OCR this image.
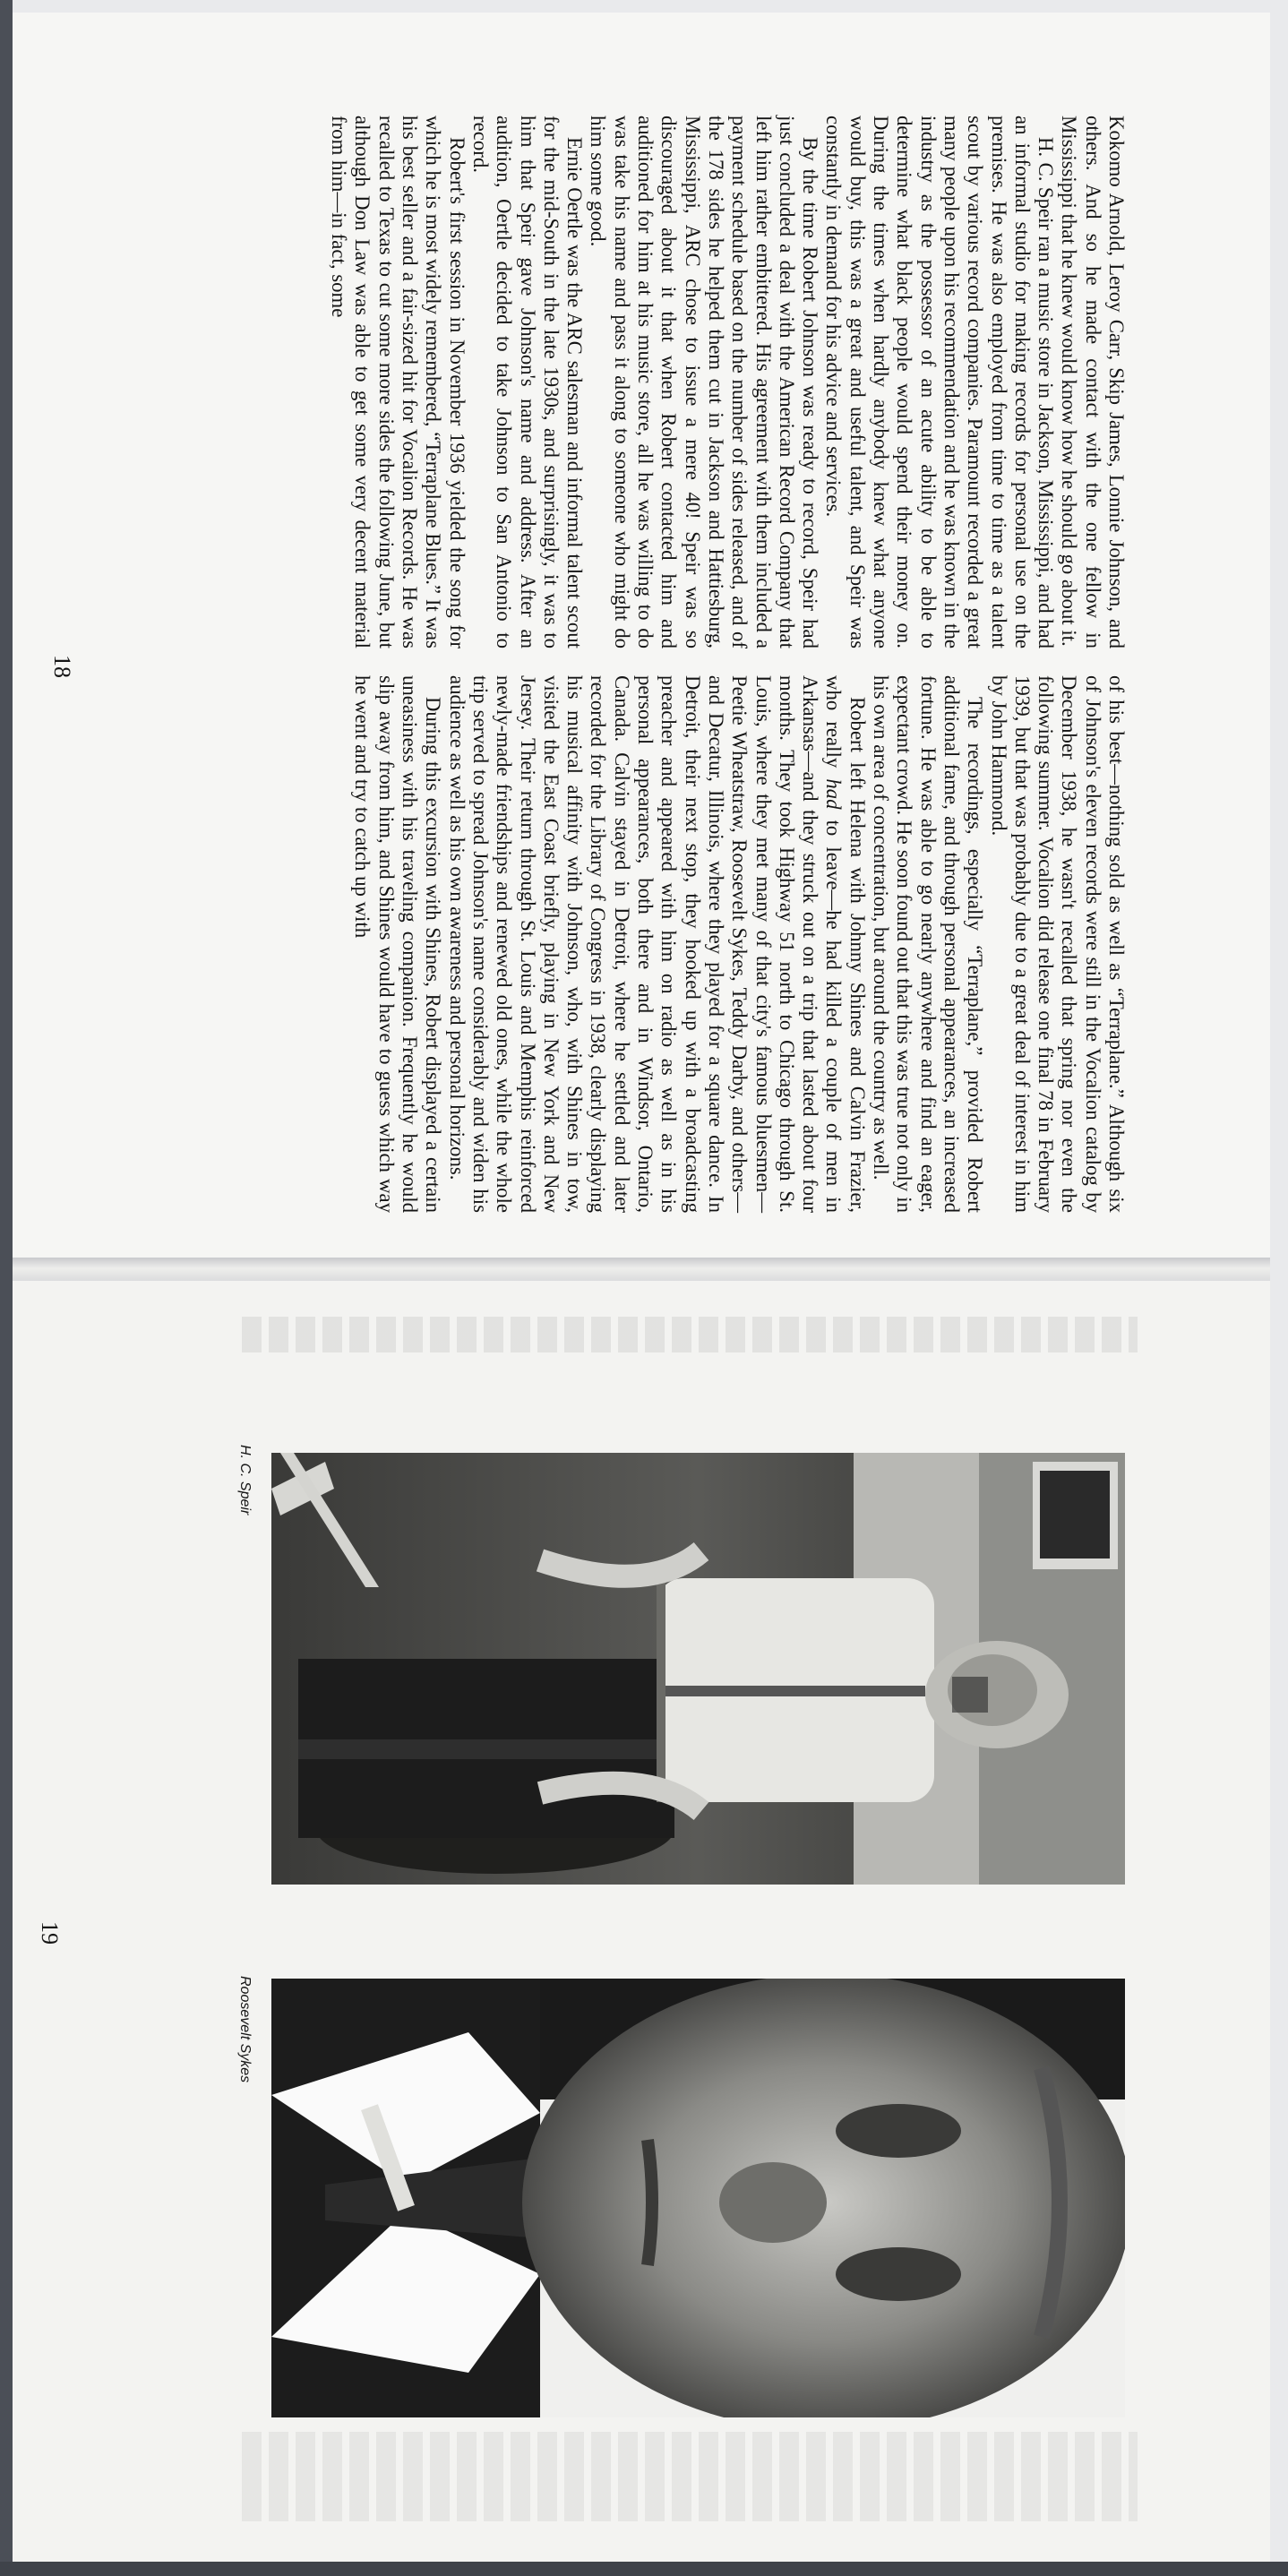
Kokomo Arnold, Leroy Carr, Skip James, Lonnie Johnson, and others. And so he made contact with the one fellow in Mississippi that he knew would know how he should go about it.

H. C. Speir ran a music store in Jackson, Mississippi, and had an informal studio for making records for personal use on the premises. He was also employed from time to time as a talent scout by various record companies. Paramount recorded a great many people upon his recommendation and he was known in the industry as the possessor of an acute ability to be able to determine what black people would spend their money on. During the times when hardly anybody knew what anyone would buy, this was a great and useful talent, and Speir was constantly in demand for his advice and services.

By the time Robert Johnson was ready to record, Speir had just concluded a deal with the American Record Company that left him rather embittered. His agreement with them included a payment schedule based on the number of sides released, and of the 178 sides he helped them cut in Jackson and Hattiesburg, Mississippi, ARC chose to issue a mere 40! Speir was so discouraged about it that when Robert contacted him and auditioned for him at his music store, all he was willing to do was take his name and pass it along to someone who might do him some good.

Ernie Oertle was the ARC salesman and informal talent scout for the mid-South in the late 1930s, and surprisingly, it was to him that Speir gave Johnson's name and address. After an audition, Oertle decided to take Johnson to San Antonio to record.

Robert's first session in November 1936 yielded the song for which he is most widely remembered, “Terraplane Blues.” It was his best seller and a fair-sized hit for Vocalion Records. He was recalled to Texas to cut some more sides the following June, but although Don Law was able to get some very decent material from him—in fact, some

of his best—nothing sold as well as “Terraplane.” Although six of Johnson's eleven records were still in the Vocalion catalog by December 1938, he wasn't recalled that spring nor even the following summer. Vocalion did release one final 78 in February 1939, but that was probably due to a great deal of interest in him by John Hammond.

The recordings, especially “Terraplane,” provided Robert additional fame, and through personal appearances, an increased fortune. He was able to go nearly anywhere and find an eager, expectant crowd. He soon found out that this was true not only in his own area of concentration, but around the country as well.

Robert left Helena with Johnny Shines and Calvin Frazier, who really had to leave—he had killed a couple of men in Arkansas—and they struck out on a trip that lasted about four months. They took Highway 51 north to Chicago through St. Louis, where they met many of that city's famous bluesmen—Peetie Wheatstraw, Roosevelt Sykes, Teddy Darby, and others—and Decatur, Illinois, where they played for a square dance. In Detroit, their next stop, they hooked up with a broadcasting preacher and appeared with him on radio as well as in his personal appearances, both there and in Windsor, Ontario, Canada. Calvin stayed in Detroit, where he settled and later recorded for the Library of Congress in 1938, clearly displaying his musical affinity with Johnson, who, with Shines in tow, visited the East Coast briefly, playing in New York and New Jersey. Their return through St. Louis and Memphis reinforced newly-made friendships and renewed old ones, while the whole trip served to spread Johnson's name considerably and widen his audience as well as his own awareness and personal horizons.

During this excursion with Shines, Robert displayed a certain uneasiness with his traveling companion. Frequently he would slip away from him, and Shines would have to guess which way he went and try to catch up with

18
H. C. Speir
Roosevelt Sykes
19
